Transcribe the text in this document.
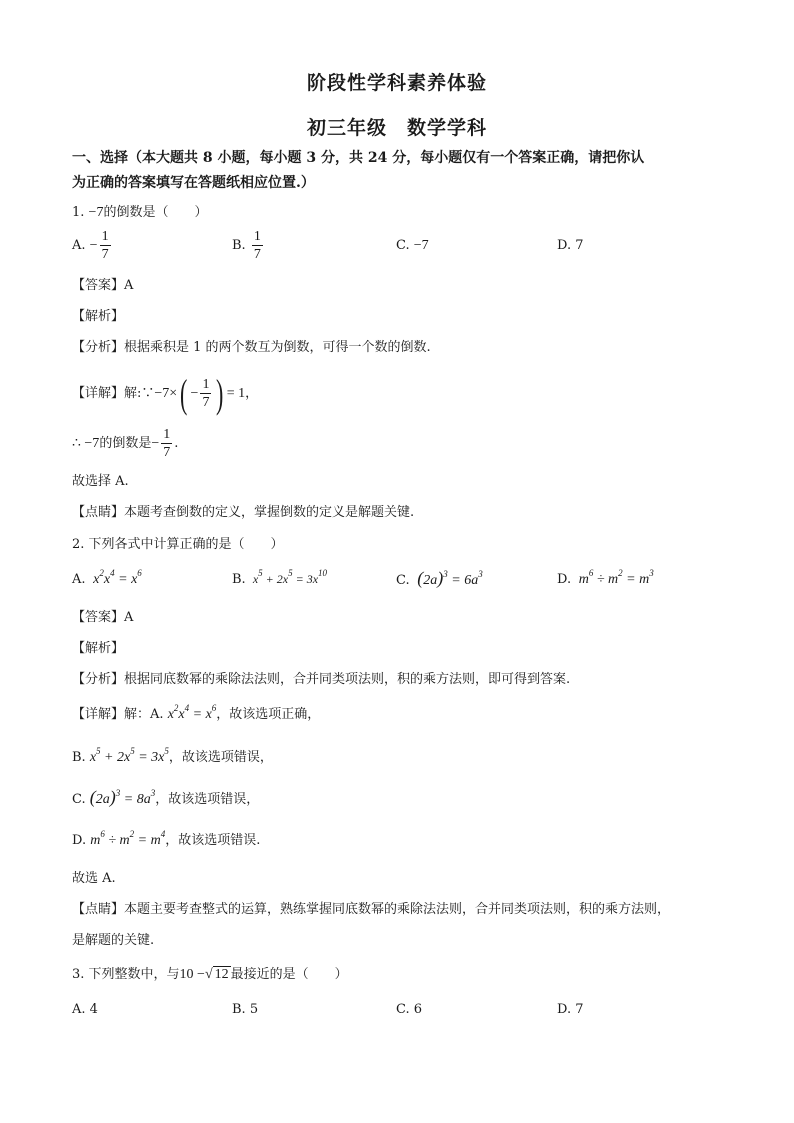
阶段性学科素养体验
初三年级　数学学科
一、选择（本大题共 8 小题，每小题 3 分，共 24 分，每小题仅有一个答案正确，请把你认
为正确的答案填写在答题纸相应位置.）
1. −7的倒数是（　　）
A. − $\frac{1}{7}$	B. $\frac{1}{7}$	C. −7	D. 7
【答案】A
【解析】
【分析】根据乘积是 1 的两个数互为倒数，可得一个数的倒数.
【详解】解:∵−7×( − $\frac{1}{7}$ ) = 1，
∴ −7的倒数是− $\frac{1}{7}$ .
故选择 A.
【点睛】本题考查倒数的定义，掌握倒数的定义是解题关键.
2. 下列各式中计算正确的是（　　）
A.  $x^2x^4 = x^6$	B.  $x^5 + 2x^5 = 3x^{10}$	C. $(2a)^3 = 6a^3$	D.  $m^6 \div m^2 = m^3$
【答案】A
【解析】
【分析】根据同底数幂的乘除法法则，合并同类项法则，积的乘方法则，即可得到答案.
【详解】解：A. $x^2x^4 = x^6$，故该选项正确，
B. $x^5 + 2x^5 = 3x^5$，故该选项错误，
C. $(2a)^3 = 8a^3$，故该选项错误，
D. $m^6 \div m^2 = m^4$，故该选项错误.
故选 A.
【点睛】本题主要考查整式的运算，熟练掌握同底数幂的乘除法法则，合并同类项法则，积的乘方法则，
是解题的关键.
3. 下列整数中，与10 −√ 12 最接近的是（　　）
A. 4	B. 5	C. 6	D. 7
